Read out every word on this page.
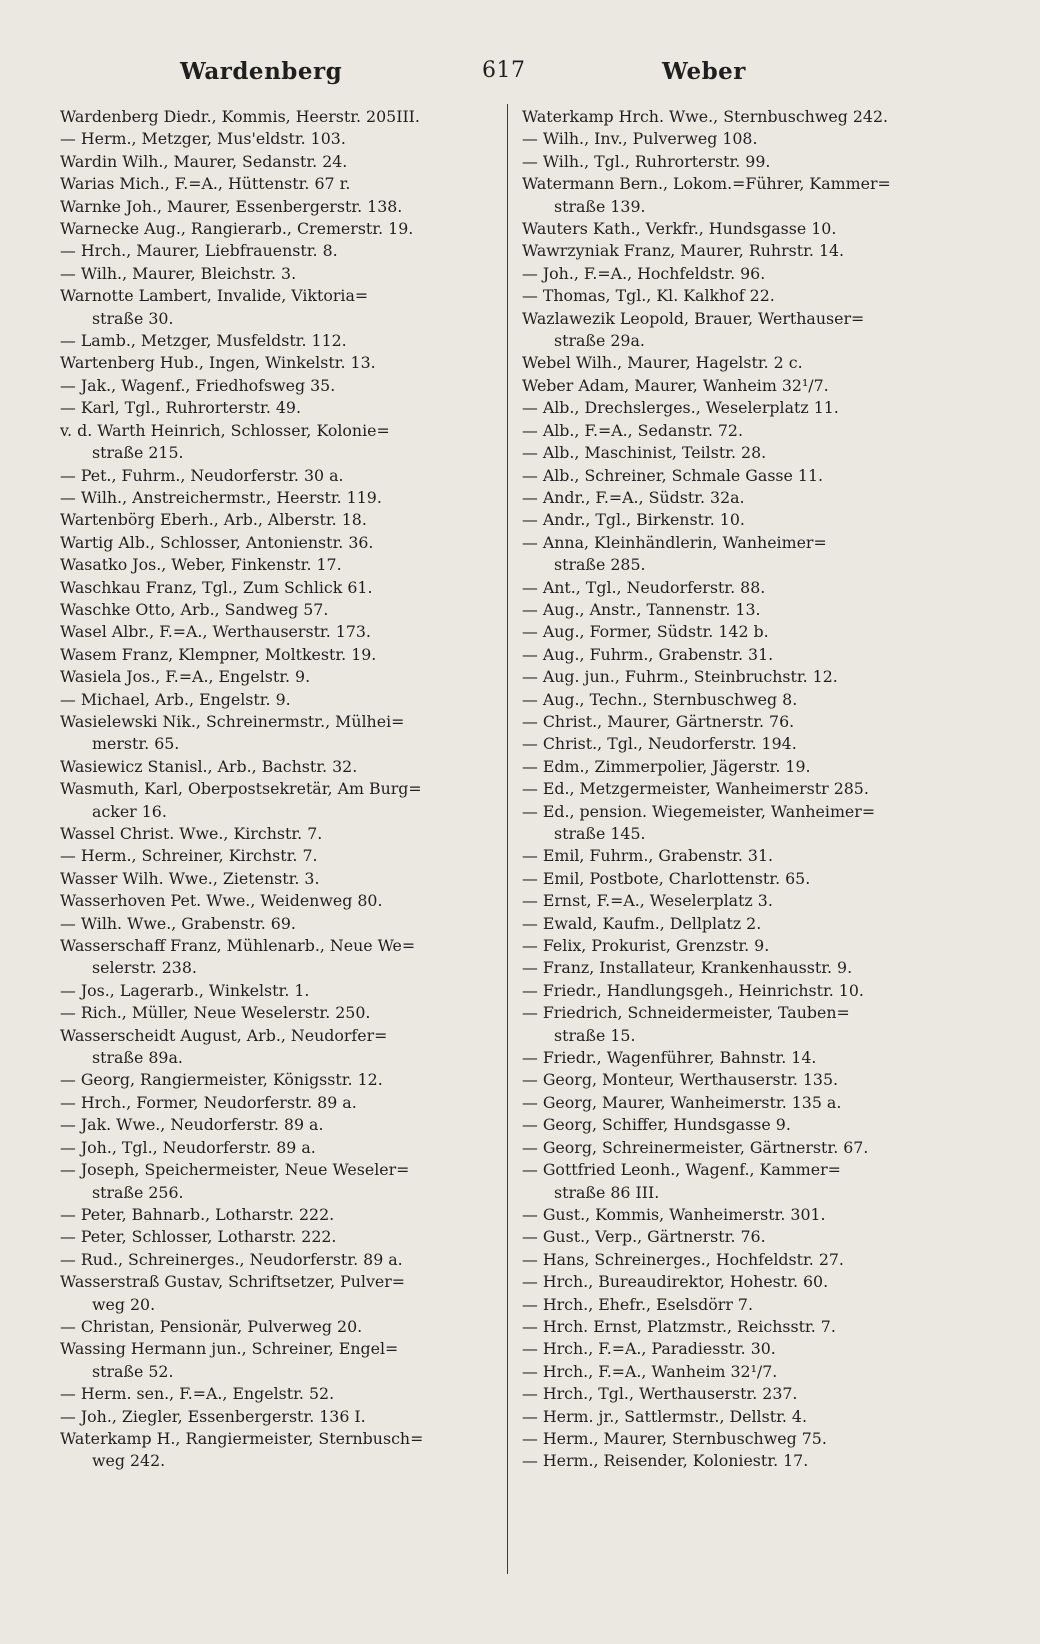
Wardenberg	617	Weber
Wardenberg Diedr., Kommis, Heerstr. 205III.
— Herm., Metzger, Mus'eldstr. 103.
Wardin Wilh., Maurer, Sedanstr. 24.
Warias Mich., F.=A., Hüttenstr. 67 r.
Warnke Joh., Maurer, Essenbergerstr. 138.
Warnecke Aug., Rangierarb., Cremerstr. 19.
— Hrch., Maurer, Liebfrauenstr. 8.
— Wilh., Maurer, Bleichstr. 3.
Warnotte Lambert, Invalide, Viktoria=
straße 30.
— Lamb., Metzger, Musfeldstr. 112.
Wartenberg Hub., Ingen, Winkelstr. 13.
— Jak., Wagenf., Friedhofsweg 35.
— Karl, Tgl., Ruhrorterstr. 49.
v. d. Warth Heinrich, Schlosser, Kolonie=
straße 215.
— Pet., Fuhrm., Neudorferstr. 30 a.
— Wilh., Anstreichermstr., Heerstr. 119.
Wartenbörg Eberh., Arb., Alberstr. 18.
Wartig Alb., Schlosser, Antonienstr. 36.
Wasatko Jos., Weber, Finkenstr. 17.
Waschkau Franz, Tgl., Zum Schlick 61.
Waschke Otto, Arb., Sandweg 57.
Wasel Albr., F.=A., Werthauserstr. 173.
Wasem Franz, Klempner, Moltkestr. 19.
Wasiela Jos., F.=A., Engelstr. 9.
— Michael, Arb., Engelstr. 9.
Wasielewski Nik., Schreinermstr., Mülhei=
merstr. 65.
Wasiewicz Stanisl., Arb., Bachstr. 32.
Wasmuth, Karl, Oberpostsekretär, Am Burg=
acker 16.
Wassel Christ. Wwe., Kirchstr. 7.
— Herm., Schreiner, Kirchstr. 7.
Wasser Wilh. Wwe., Zietenstr. 3.
Wasserhoven Pet. Wwe., Weidenweg 80.
— Wilh. Wwe., Grabenstr. 69.
Wasserschaff Franz, Mühlenarb., Neue We=
selerstr. 238.
— Jos., Lagerarb., Winkelstr. 1.
— Rich., Müller, Neue Weselerstr. 250.
Wasserscheidt August, Arb., Neudorfer=
straße 89a.
— Georg, Rangiermeister, Königsstr. 12.
— Hrch., Former, Neudorferstr. 89 a.
— Jak. Wwe., Neudorferstr. 89 a.
— Joh., Tgl., Neudorferstr. 89 a.
— Joseph, Speichermeister, Neue Weseler=
straße 256.
— Peter, Bahnarb., Lotharstr. 222.
— Peter, Schlosser, Lotharstr. 222.
— Rud., Schreinerges., Neudorferstr. 89 a.
Wasserstraß Gustav, Schriftsetzer, Pulver=
weg 20.
— Christan, Pensionär, Pulverweg 20.
Wassing Hermann jun., Schreiner, Engel=
straße 52.
— Herm. sen., F.=A., Engelstr. 52.
— Joh., Ziegler, Essenbergerstr. 136 I.
Waterkamp H., Rangiermeister, Sternbusch=
weg 242.
Waterkamp Hrch. Wwe., Sternbuschweg 242.
— Wilh., Inv., Pulverweg 108.
— Wilh., Tgl., Ruhrorterstr. 99.
Watermann Bern., Lokom.=Führer, Kammer=
straße 139.
Wauters Kath., Verkfr., Hundsgasse 10.
Wawrzyniak Franz, Maurer, Ruhrstr. 14.
— Joh., F.=A., Hochfeldstr. 96.
— Thomas, Tgl., Kl. Kalkhof 22.
Wazlawezik Leopold, Brauer, Werthauser=
straße 29a.
Webel Wilh., Maurer, Hagelstr. 2 c.
Weber Adam, Maurer, Wanheim 32¹/7.
— Alb., Drechslerges., Weselerplatz 11.
— Alb., F.=A., Sedanstr. 72.
— Alb., Maschinist, Teilstr. 28.
— Alb., Schreiner, Schmale Gasse 11.
— Andr., F.=A., Südstr. 32a.
— Andr., Tgl., Birkenstr. 10.
— Anna, Kleinhändlerin, Wanheimer=
straße 285.
— Ant., Tgl., Neudorferstr. 88.
— Aug., Anstr., Tannenstr. 13.
— Aug., Former, Südstr. 142 b.
— Aug., Fuhrm., Grabenstr. 31.
— Aug. jun., Fuhrm., Steinbruchstr. 12.
— Aug., Techn., Sternbuschweg 8.
— Christ., Maurer, Gärtnerstr. 76.
— Christ., Tgl., Neudorferstr. 194.
— Edm., Zimmerpolier, Jägerstr. 19.
— Ed., Metzgermeister, Wanheimerstr 285.
— Ed., pension. Wiegemeister, Wanheimer=
straße 145.
— Emil, Fuhrm., Grabenstr. 31.
— Emil, Postbote, Charlottenstr. 65.
— Ernst, F.=A., Weselerplatz 3.
— Ewald, Kaufm., Dellplatz 2.
— Felix, Prokurist, Grenzstr. 9.
— Franz, Installateur, Krankenhausstr. 9.
— Friedr., Handlungsgeh., Heinrichstr. 10.
— Friedrich, Schneidermeister, Tauben=
straße 15.
— Friedr., Wagenführer, Bahnstr. 14.
— Georg, Monteur, Werthauserstr. 135.
— Georg, Maurer, Wanheimerstr. 135 a.
— Georg, Schiffer, Hundsgasse 9.
— Georg, Schreinermeister, Gärtnerstr. 67.
— Gottfried Leonh., Wagenf., Kammer=
straße 86 III.
— Gust., Kommis, Wanheimerstr. 301.
— Gust., Verp., Gärtnerstr. 76.
— Hans, Schreinerges., Hochfeldstr. 27.
— Hrch., Bureaudirektor, Hohestr. 60.
— Hrch., Ehefr., Eselsdörr 7.
— Hrch. Ernst, Platzmstr., Reichsstr. 7.
— Hrch., F.=A., Paradiesstr. 30.
— Hrch., F.=A., Wanheim 32¹/7.
— Hrch., Tgl., Werthauserstr. 237.
— Herm. jr., Sattlermstr., Dellstr. 4.
— Herm., Maurer, Sternbuschweg 75.
— Herm., Reisender, Koloniestr. 17.
